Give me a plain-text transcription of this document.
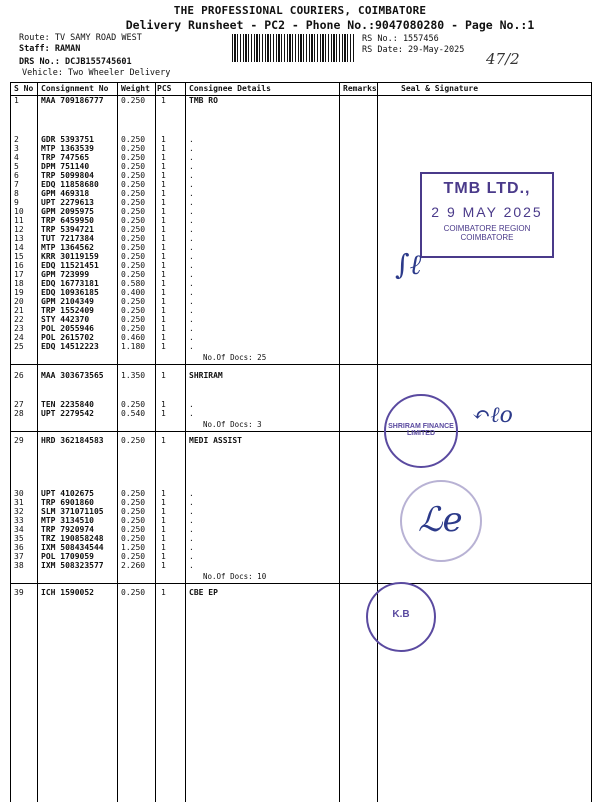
THE PROFESSIONAL COURIERS, COIMBATORE
Delivery Runsheet - PC2 - Phone No.:9047080280 - Page No.:1
Route: TV SAMY ROAD WEST
Staff: RAMAN
DRS No.: DCJB155745601
Vehicle: Two Wheeler Delivery
RS No.: 1557456
RS Date: 29-May-2025 47/2
S No Consignment No Weight PCS Consignee Details	Remarks	Seal & Signature
1	MAA 709186777 0.250 1	TMB RO
2	GDR 5393751	0.250 1	.
3	MTP 1363539	0.250 1	.
4	TRP 747565	0.250 1	.
5	DPM 751140	0.250 1	.
6	TRP 5099804	0.250 1	.
7	EDQ 11858680	0.250 1	.
8	GPM 469318	0.250 1	.
9	UPT 2279613	0.250 1	.
10 GPM 2095975	0.250 1	.
11 TRP 6459950	0.250 1	.
12 TRP 5394721	0.250 1	.
13 TUT 7217384	0.250 1	.
14 MTP 1364562	0.250 1	.
15 KRR 30119159	0.250 1	.
16 EDQ 11521451	0.250 1	.
17 GPM 723999	0.250 1	.
18 EDQ 16773181	0.580 1	.
19 EDQ 10936185	0.400 1	.
20 GPM 2104349	0.250 1	.
21 TRP 1552409	0.250 1	.
22 STY 442370	0.250 1	.
23 POL 2055946	0.250 1	.
24 POL 2615702	0.460 1	.
25 EDQ 14512223	1.180 1	.
No.Of Docs: 25
26 MAA 303673565 1.350 1	SHRIRAM
27 TEN 2235840	0.250 1	.
28 UPT 2279542	0.540 1	.
No.Of Docs: 3
29 HRD 362184583 0.250 1	MEDI ASSIST
30 UPT 4102675	0.250 1	.
31 TRP 6901860	0.250 1	.
32 SLM 371071105 0.250 1	.
33 MTP 3134510	0.250 1	.
34 TRP 7920974	0.250 1	.
35 TRZ 190858248 0.250 1	.
36 IXM 508434544 1.250 1	.
37 POL 1709059	0.250 1	.
38 IXM 508323577 2.260 1	.
No.Of Docs: 10
39 ICH 1590052	0.250 1	CBE EP
TMB LTD.,
2 9 MAY 2025
COIMBATORE REGION
COIMBATORE
∫ℓ
SHRIRAM FINANCE LIMITED
↶ℓo
ℒe
K.B
